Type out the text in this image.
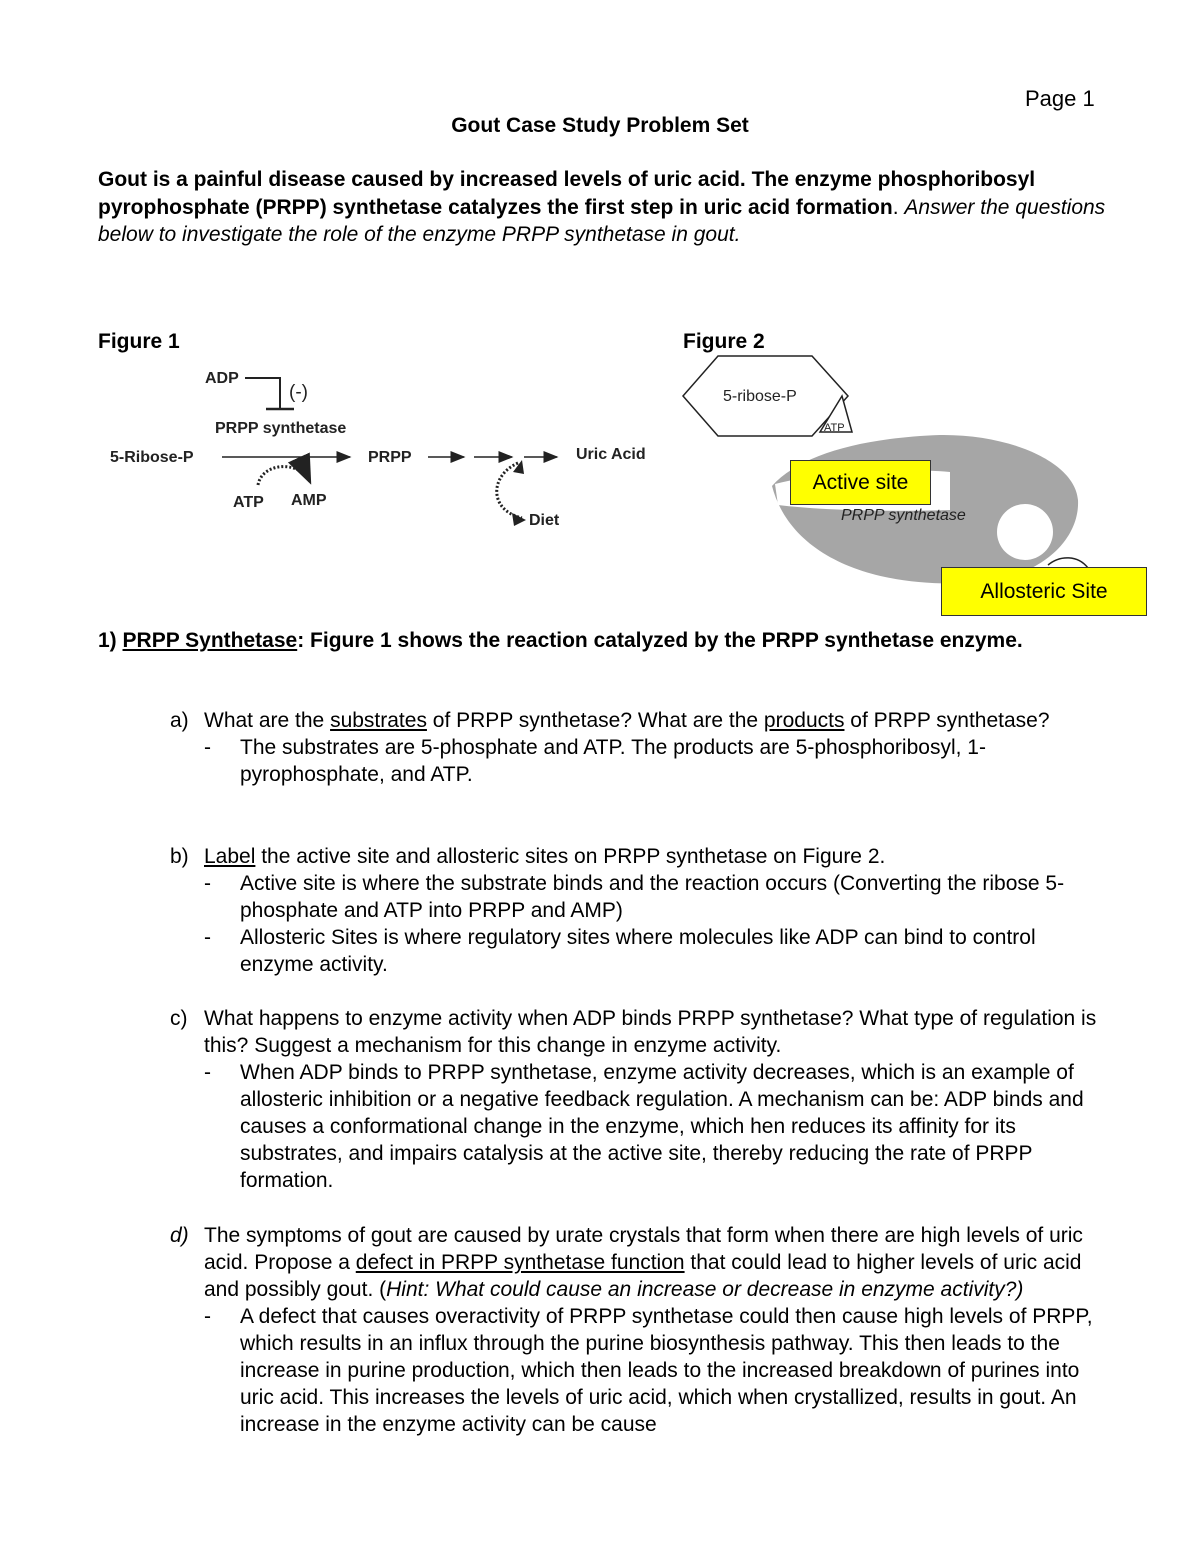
Page 1
Gout Case Study Problem Set
Gout is a painful disease caused by increased levels of uric acid. The enzyme phosphoribosyl pyrophosphate (PRPP) synthetase catalyzes the first step in uric acid formation. Answer the questions below to investigate the role of the enzyme PRPP synthetase in gout.
Figure 1	Figure 2
ADP
(-)
PRPP synthetase
5-Ribose-P	PRPP	Uric Acid
ATP AMP
Diet	PRPP synthetase
5-ribose-P
ATP
Active site
Allosteric Site
1) PRPP Synthetase: Figure 1 shows the reaction catalyzed by the PRPP synthetase enzyme.
a) What are the substrates of PRPP synthetase? What are the products of PRPP synthetase?
- The substrates are 5-phosphate and ATP. The products are 5-phosphoribosyl, 1-pyrophosphate, and ATP.
b) Label the active site and allosteric sites on PRPP synthetase on Figure 2.
- Active site is where the substrate binds and the reaction occurs (Converting the ribose 5-phosphate and ATP into PRPP and AMP)
- Allosteric Sites is where regulatory sites where molecules like ADP can bind to control enzyme activity.
c) What happens to enzyme activity when ADP binds PRPP synthetase? What type of regulation is this? Suggest a mechanism for this change in enzyme activity.
- When ADP binds to PRPP synthetase, enzyme activity decreases, which is an example of allosteric inhibition or a negative feedback regulation. A mechanism can be: ADP binds and causes a conformational change in the enzyme, which hen reduces its affinity for its substrates, and impairs catalysis at the active site, thereby reducing the rate of PRPP formation.
d) The symptoms of gout are caused by urate crystals that form when there are high levels of uric acid. Propose a defect in PRPP synthetase function that could lead to higher levels of uric acid and possibly gout. (Hint: What could cause an increase or decrease in enzyme activity?)
- A defect that causes overactivity of PRPP synthetase could then cause high levels of PRPP, which results in an influx through the purine biosynthesis pathway. This then leads to the increase in purine production, which then leads to the increased breakdown of purines into uric acid. This increases the levels of uric acid, which when crystallized, results in gout. An increase in the enzyme activity can be cause
